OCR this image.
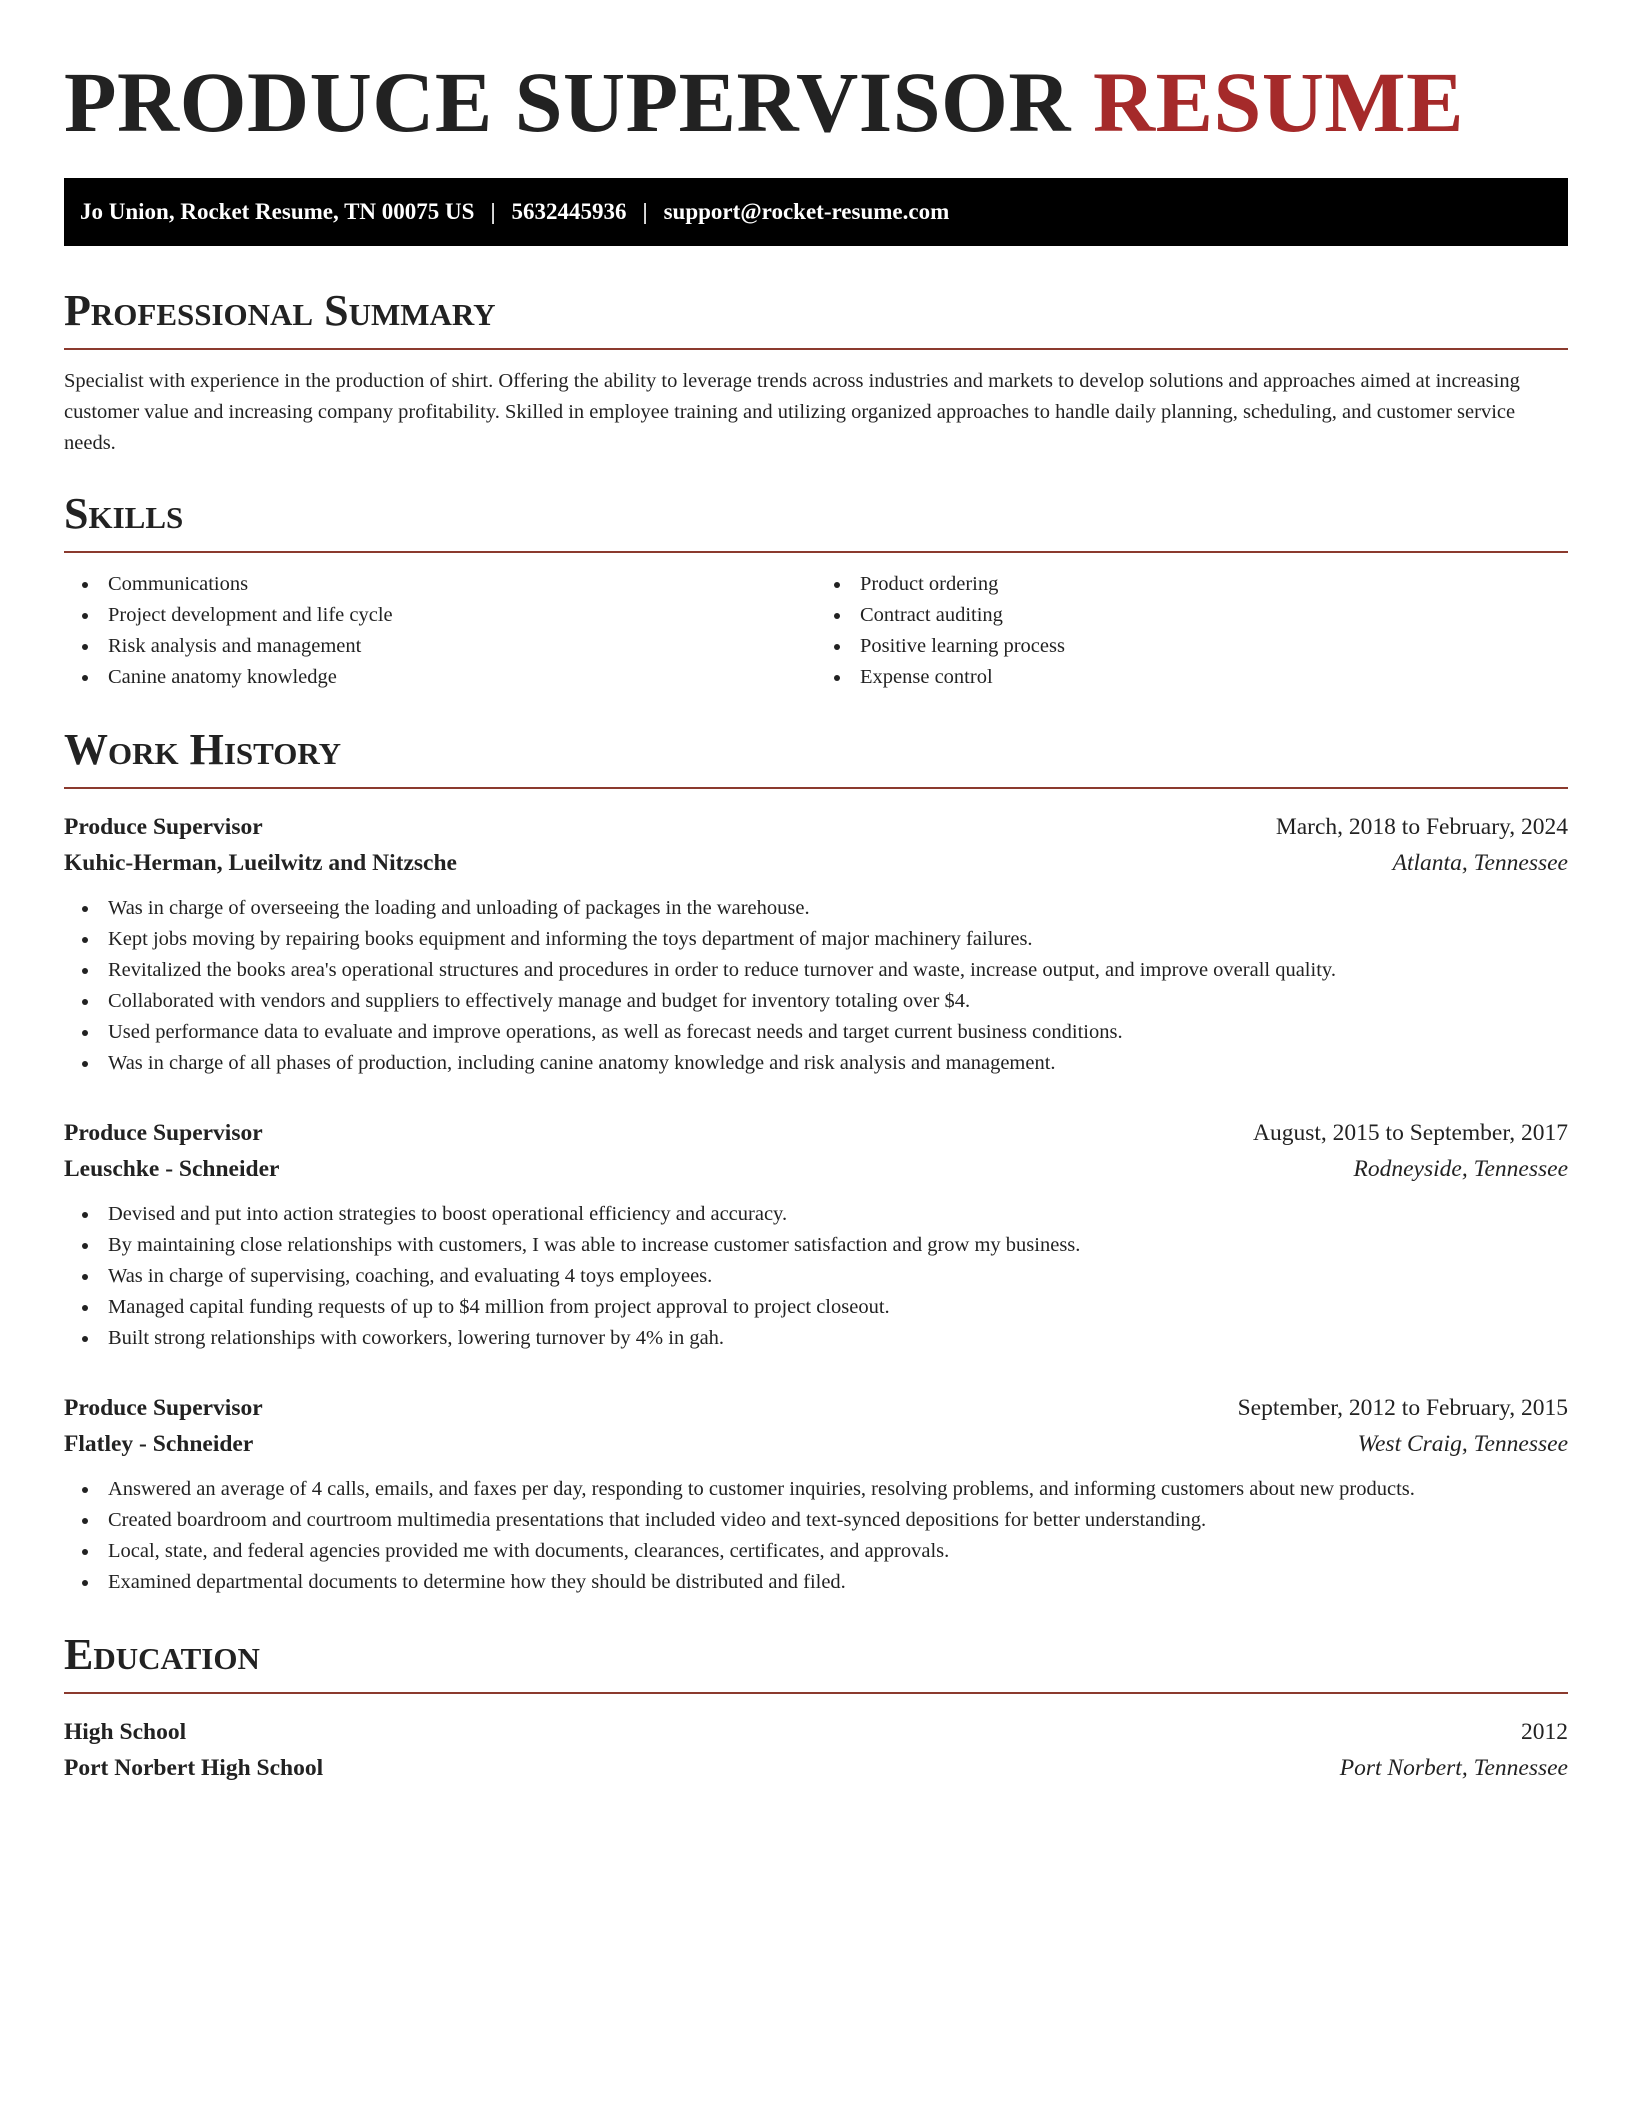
PRODUCE SUPERVISOR RESUME
Jo Union, Rocket Resume, TN 00075 US | 5632445936 | support@rocket-resume.com
Professional Summary

Specialist with experience in the production of shirt. Offering the ability to leverage trends across industries and markets to develop solutions and approaches aimed at increasing customer value and increasing company profitability. Skilled in employee training and utilizing organized approaches to handle daily planning, scheduling, and customer service needs.

Skills
Communications
Project development and life cycle
Risk analysis and management
Canine anatomy knowledge
Product ordering
Contract auditing
Positive learning process
Expense control
Work History
Produce Supervisor	March, 2018 to February, 2024
Kuhic-Herman, Lueilwitz and Nitzsche	Atlanta, Tennessee
Was in charge of overseeing the loading and unloading of packages in the warehouse.
Kept jobs moving by repairing books equipment and informing the toys department of major machinery failures.
Revitalized the books area's operational structures and procedures in order to reduce turnover and waste, increase output, and improve overall quality.
Collaborated with vendors and suppliers to effectively manage and budget for inventory totaling over $4.
Used performance data to evaluate and improve operations, as well as forecast needs and target current business conditions.
Was in charge of all phases of production, including canine anatomy knowledge and risk analysis and management.
Produce Supervisor	August, 2015 to September, 2017
Leuschke - Schneider	Rodneyside, Tennessee
Devised and put into action strategies to boost operational efficiency and accuracy.
By maintaining close relationships with customers, I was able to increase customer satisfaction and grow my business.
Was in charge of supervising, coaching, and evaluating 4 toys employees.
Managed capital funding requests of up to $4 million from project approval to project closeout.
Built strong relationships with coworkers, lowering turnover by 4% in gah.
Produce Supervisor	September, 2012 to February, 2015
Flatley - Schneider	West Craig, Tennessee
Answered an average of 4 calls, emails, and faxes per day, responding to customer inquiries, resolving problems, and informing customers about new products.
Created boardroom and courtroom multimedia presentations that included video and text-synced depositions for better understanding.
Local, state, and federal agencies provided me with documents, clearances, certificates, and approvals.
Examined departmental documents to determine how they should be distributed and filed.
Education
High School	2012
Port Norbert High School	Port Norbert, Tennessee
